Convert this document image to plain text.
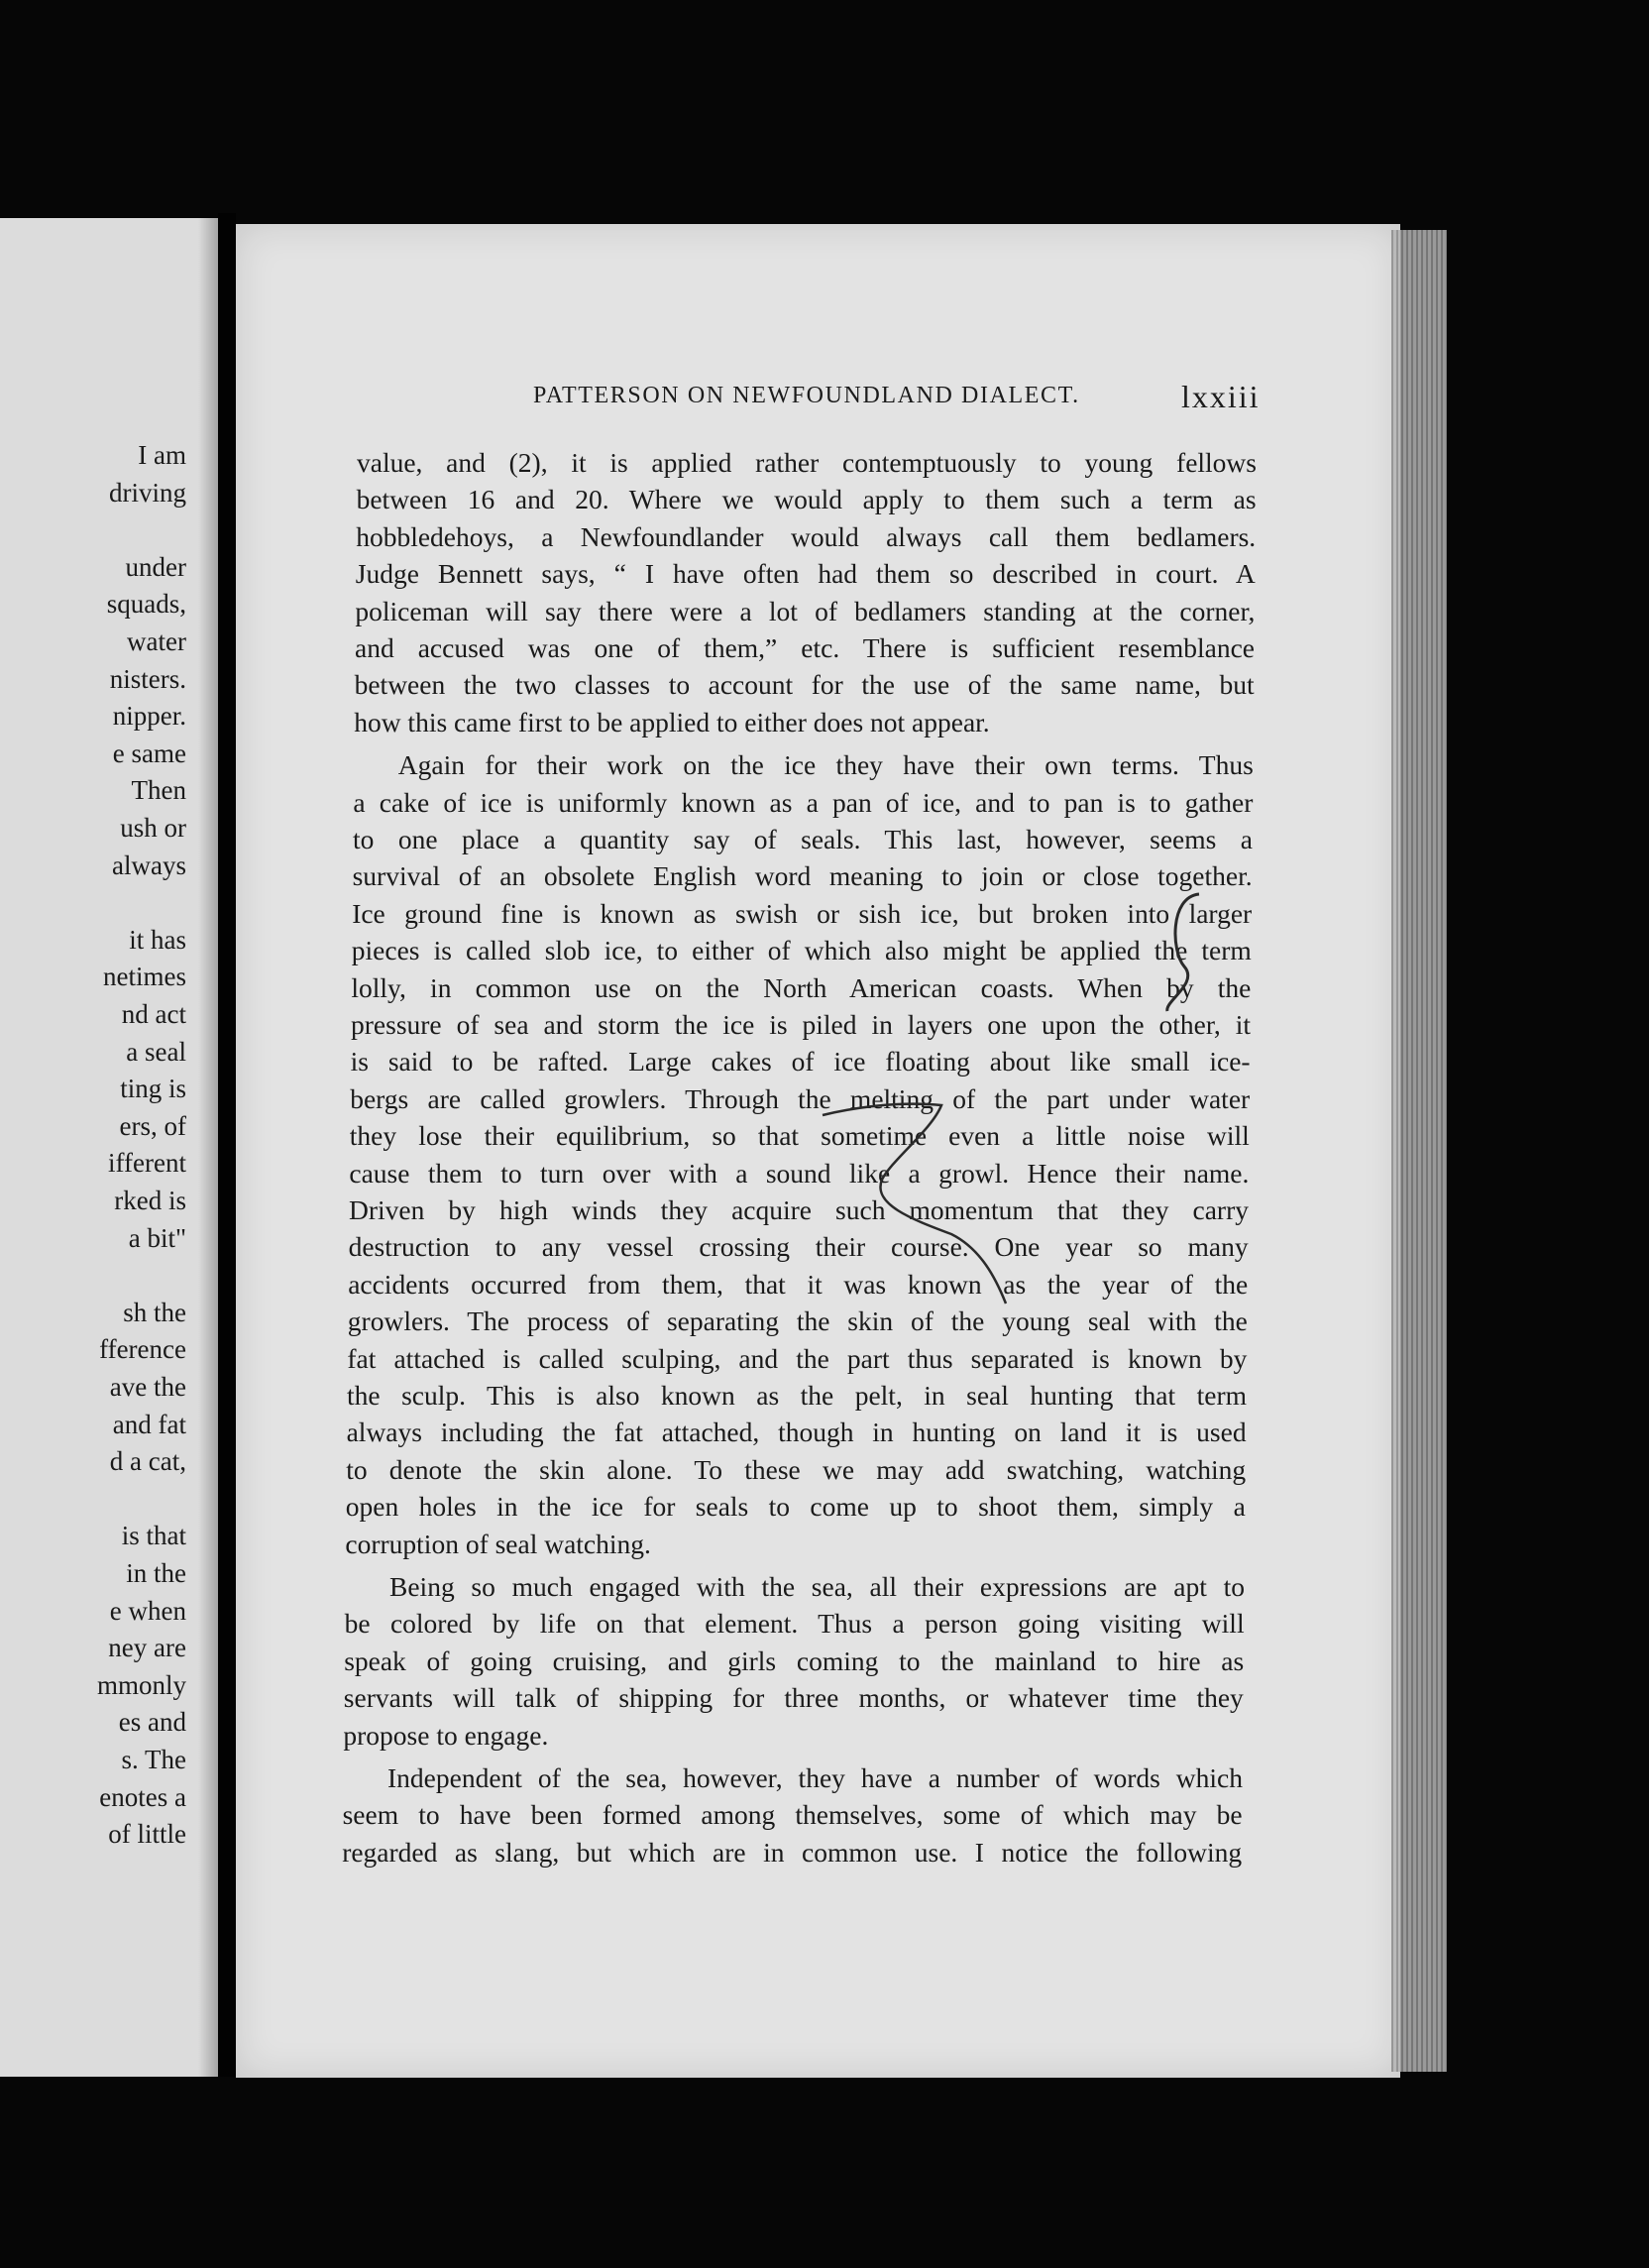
I am
driving
under
squads,
water
nisters.
nipper.
e same
Then
ush or
always
it has
netimes
nd act
a seal
ting is
ers, of
ifferent
rked is
a bit"
sh the
fference
ave the
and fat
d a cat,
is that
in the
e when
ney are
mmonly
es and
s. The
enotes a
of little
PATTERSON ON NEWFOUNDLAND DIALECT.	lxxiii
value, and (2), it is applied rather contemptuously to young fellows
between 16 and 20. Where we would apply to them such a term as
hobbledehoys, a Newfoundlander would always call them bedlamers.
Judge Bennett says, “ I have often had them so described in court. A
policeman will say there were a lot of bedlamers standing at the corner,
and accused was one of them,” etc. There is sufficient resemblance
between the two classes to account for the use of the same name, but
how this came first to be applied to either does not appear.
Again for their work on the ice they have their own terms. Thus
a cake of ice is uniformly known as a pan of ice, and to pan is to gather
to one place a quantity say of seals. This last, however, seems a
survival of an obsolete English word meaning to join or close together.
Ice ground fine is known as swish or sish ice, but broken into larger
pieces is called slob ice, to either of which also might be applied the term
lolly, in common use on the North American coasts. When by the
pressure of sea and storm the ice is piled in layers one upon the other, it
is said to be rafted. Large cakes of ice floating about like small ice-
bergs are called growlers. Through the melting of the part under water
they lose their equilibrium, so that sometime even a little noise will
cause them to turn over with a sound like a growl. Hence their name.
Driven by high winds they acquire such momentum that they carry
destruction to any vessel crossing their course. One year so many
accidents occurred from them, that it was known as the year of the
growlers. The process of separating the skin of the young seal with the
fat attached is called sculping, and the part thus separated is known by
the sculp. This is also known as the pelt, in seal hunting that term
always including the fat attached, though in hunting on land it is used
to denote the skin alone. To these we may add swatching, watching
open holes in the ice for seals to come up to shoot them, simply a
corruption of seal watching.
Being so much engaged with the sea, all their expressions are apt to
be colored by life on that element. Thus a person going visiting will
speak of going cruising, and girls coming to the mainland to hire as
servants will talk of shipping for three months, or whatever time they
propose to engage.
Independent of the sea, however, they have a number of words which
seem to have been formed among themselves, some of which may be
regarded as slang, but which are in common use. I notice the following
